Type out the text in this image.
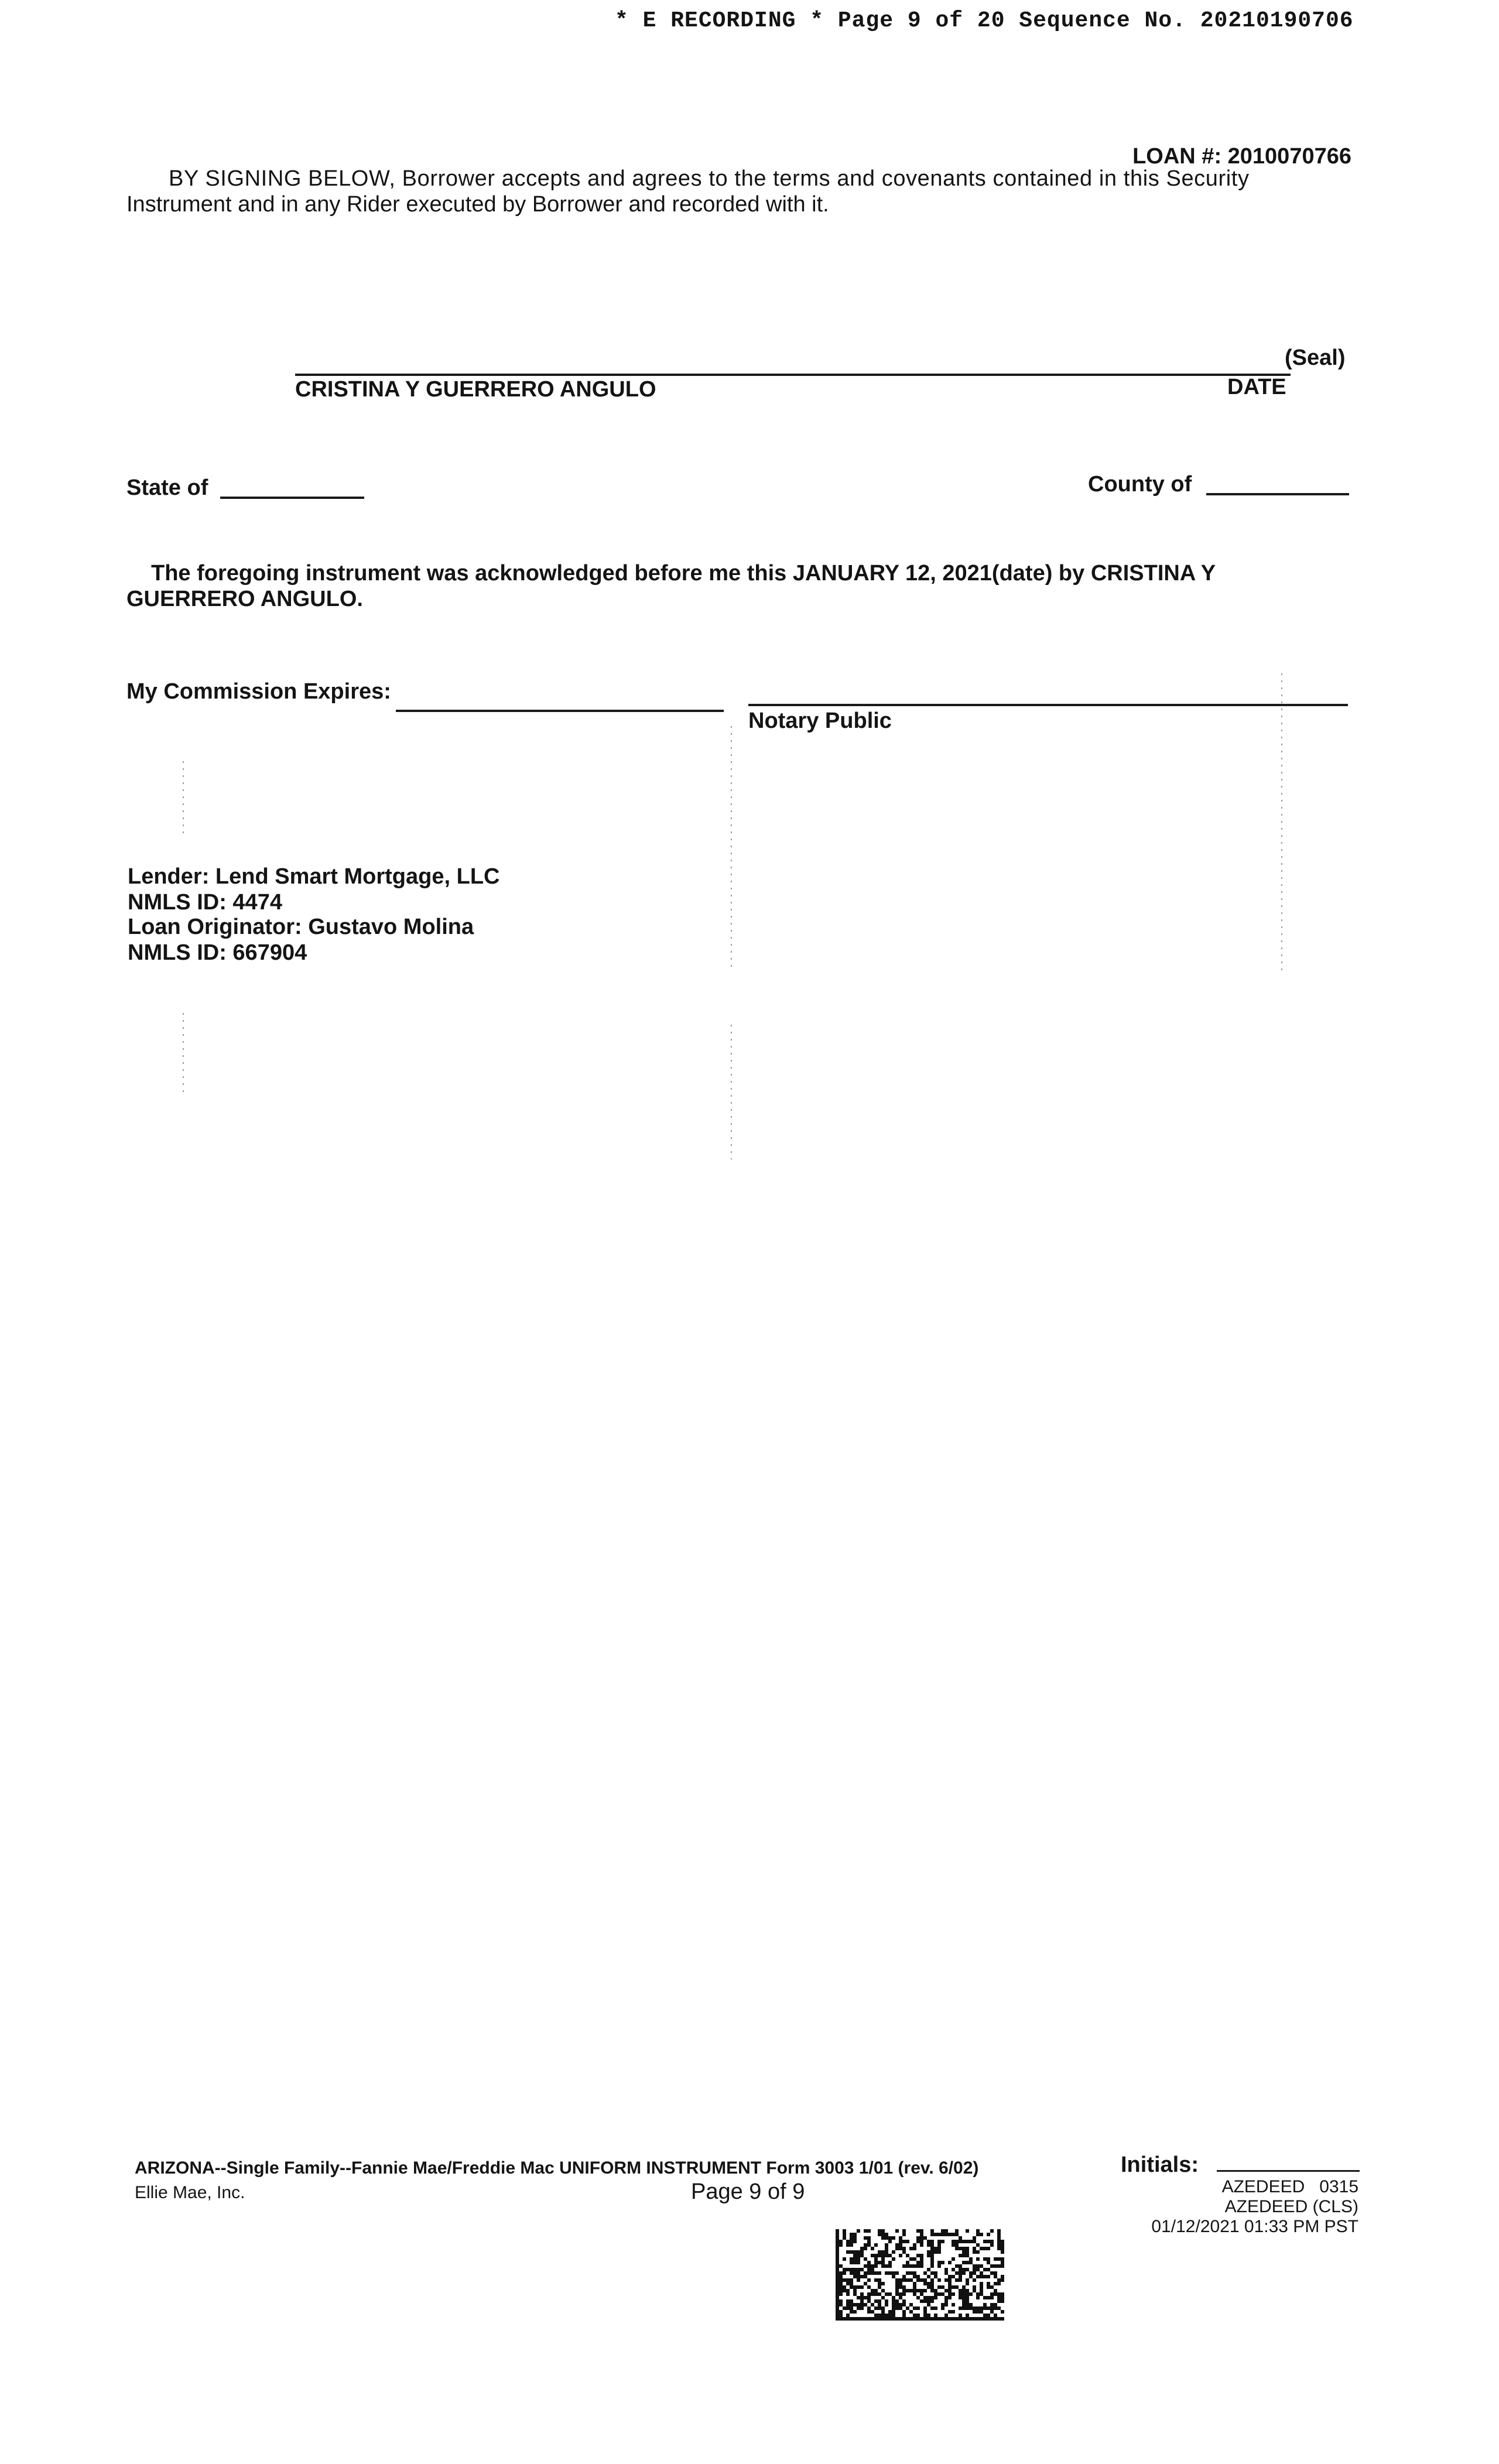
* E RECORDING * Page 9 of 20 Sequence No. 20210190706
LOAN #: 2010070766
BY SIGNING BELOW, Borrower accepts and agrees to the terms and covenants contained in this Security
Instrument and in any Rider executed by Borrower and recorded with it.
(Seal)
CRISTINA Y GUERRERO ANGULO	DATE
State of	County of
The foregoing instrument was acknowledged before me this JANUARY 12, 2021(date) by CRISTINA Y
GUERRERO ANGULO.
My Commission Expires:
Notary Public
Lender: Lend Smart Mortgage, LLC
NMLS ID: 4474
Loan Originator: Gustavo Molina
NMLS ID: 667904
ARIZONA--Single Family--Fannie Mae/Freddie Mac UNIFORM INSTRUMENT Form 3003 1/01 (rev. 6/02)
Ellie Mae, Inc.	Page 9 of 9
Initials:
AZEDEED   0315
AZEDEED (CLS)
01/12/2021 01:33 PM PST
